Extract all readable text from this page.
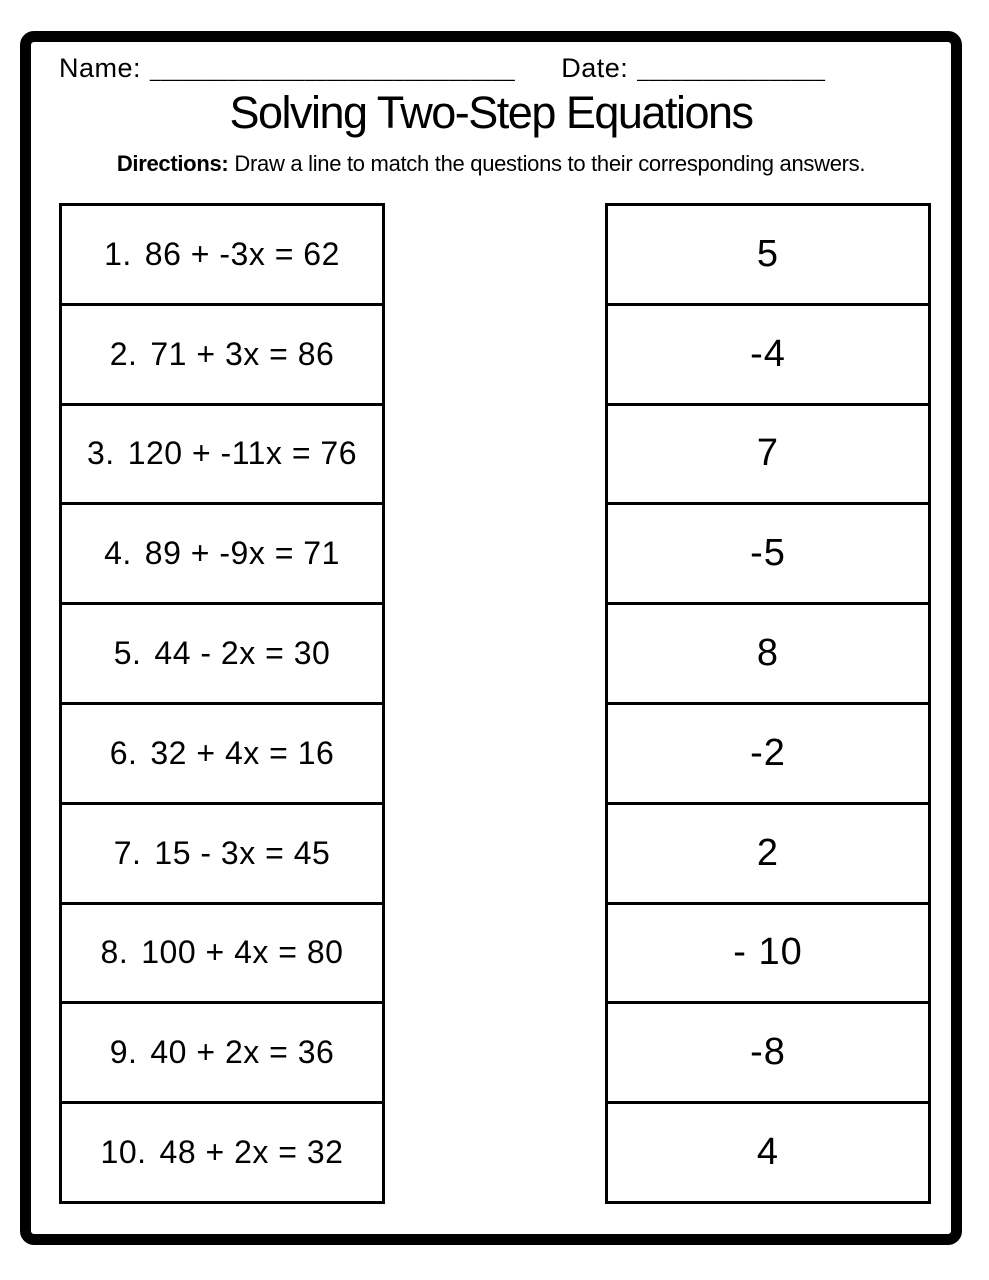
Name: _________________________________ Date: _________________
Solving Two-Step Equations

Directions: Draw a line to match the questions to their corresponding answers.

1. 86 + -3x = 62
2. 71 + 3x = 86
3. 120 + -11x = 76
4. 89 + -9x = 71
5. 44 - 2x = 30
6. 32 + 4x = 16
7. 15 - 3x = 45
8. 100 + 4x = 80
9. 40 + 2x = 36
10. 48 + 2x = 32
5
-4
7
-5
8
-2
2
- 10
-8
4
